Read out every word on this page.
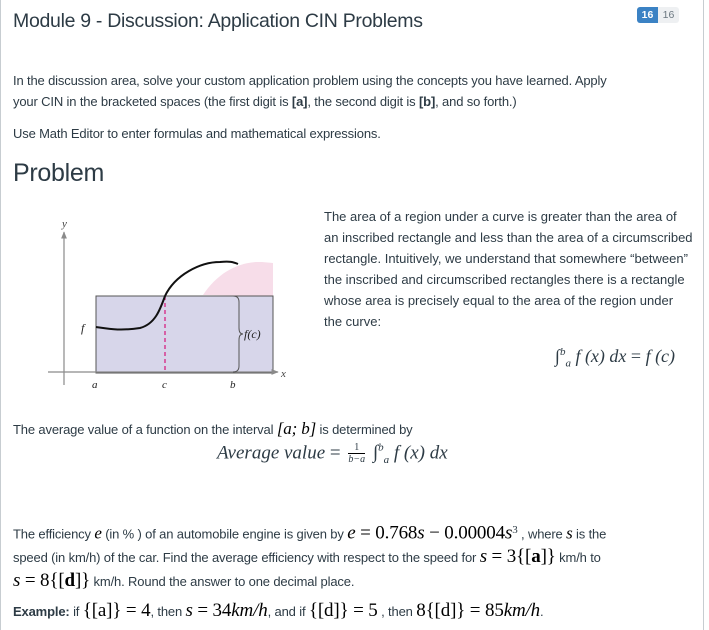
Module 9 - Discussion: Application CIN Problems	16 16
In the discussion area, solve your custom application problem using the concepts you have learned. Apply
your CIN in the bracketed spaces (the first digit is [a], the second digit is [b], and so forth.)
Use Math Editor to enter formulas and mathematical expressions.
Problem
y
x
f	f(c)
a	c	b
The area of a region under a curve is greater than the area of an inscribed rectangle and less than the area of a circumscribed rectangle. Intuitively, we understand that somewhere “between” the inscribed and circumscribed rectangles there is a rectangle whose area is precisely equal to the area of the region under the curve:
∫$^b_a$ f (x) dx = f (c)
The average value of a function on the interval [a; b] is determined by
Average value = $\frac{1}{b-a} \int^b_a$ f (x) dx
The efficiency e (in % ) of an automobile engine is given by $e = 0.768s - 0.00004s^3$ , where s is the
speed (in km/h) of the car. Find the average efficiency with respect to the speed for s = 3{[a]} km/h to
s = 8{[d]} km/h. Round the answer to one decimal place.
Example: if {[a]} = 4, then s = 34km/h, and if {[d]} = 5 , then 8{[d]} = 85km/h.
